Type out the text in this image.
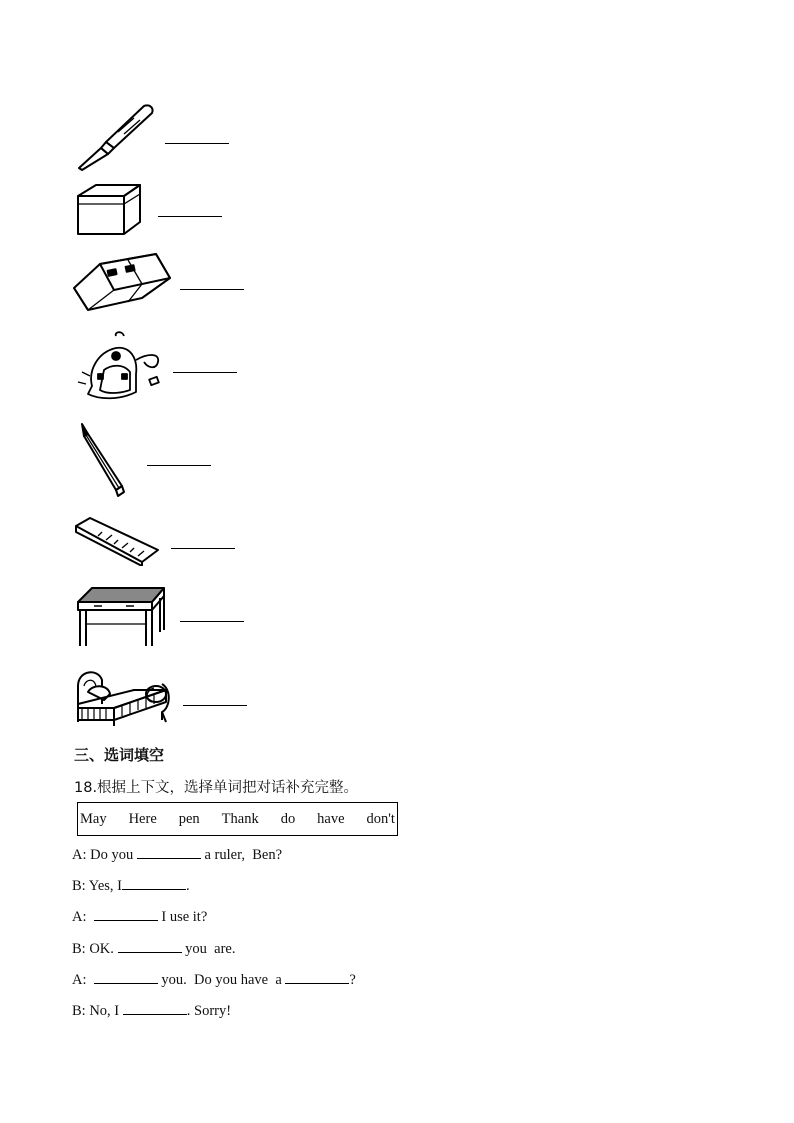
三、选词填空
18.根据上下文，选择单词把对话补充完整。
May Here pen Thank do have don't
A: Do you	a ruler,  Ben?
B: Yes, I	.
A:	I use it?
B: OK.	you  are.
A:	you.  Do you have  a	?
B: No, I	. Sorry!
